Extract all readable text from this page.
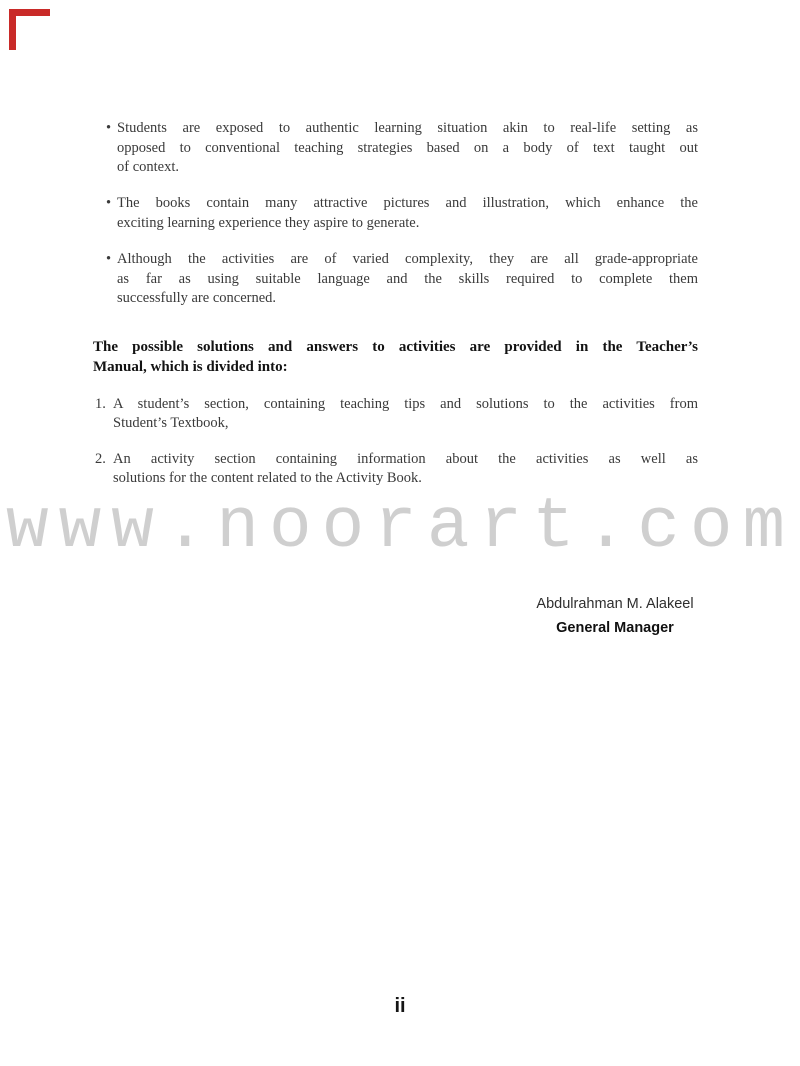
• Students are exposed to authentic learning situation akin to real-life setting as
opposed to conventional teaching strategies based on a body of text taught out
of context.
• The books contain many attractive pictures and illustration, which enhance the
exciting learning experience they aspire to generate.
• Although the activities are of varied complexity, they are all grade-appropriate
as far as using suitable language and the skills required to complete them
successfully are concerned.
The possible solutions and answers to activities are provided in the Teacher’s
Manual, which is divided into:
1. A student’s section, containing teaching tips and solutions to the activities from
Student’s Textbook,
2. An activity section containing information about the activities as well as
solutions for the content related to the Activity Book.
www.noorart.com
Abdulrahman M. Alakeel
General Manager
ii
